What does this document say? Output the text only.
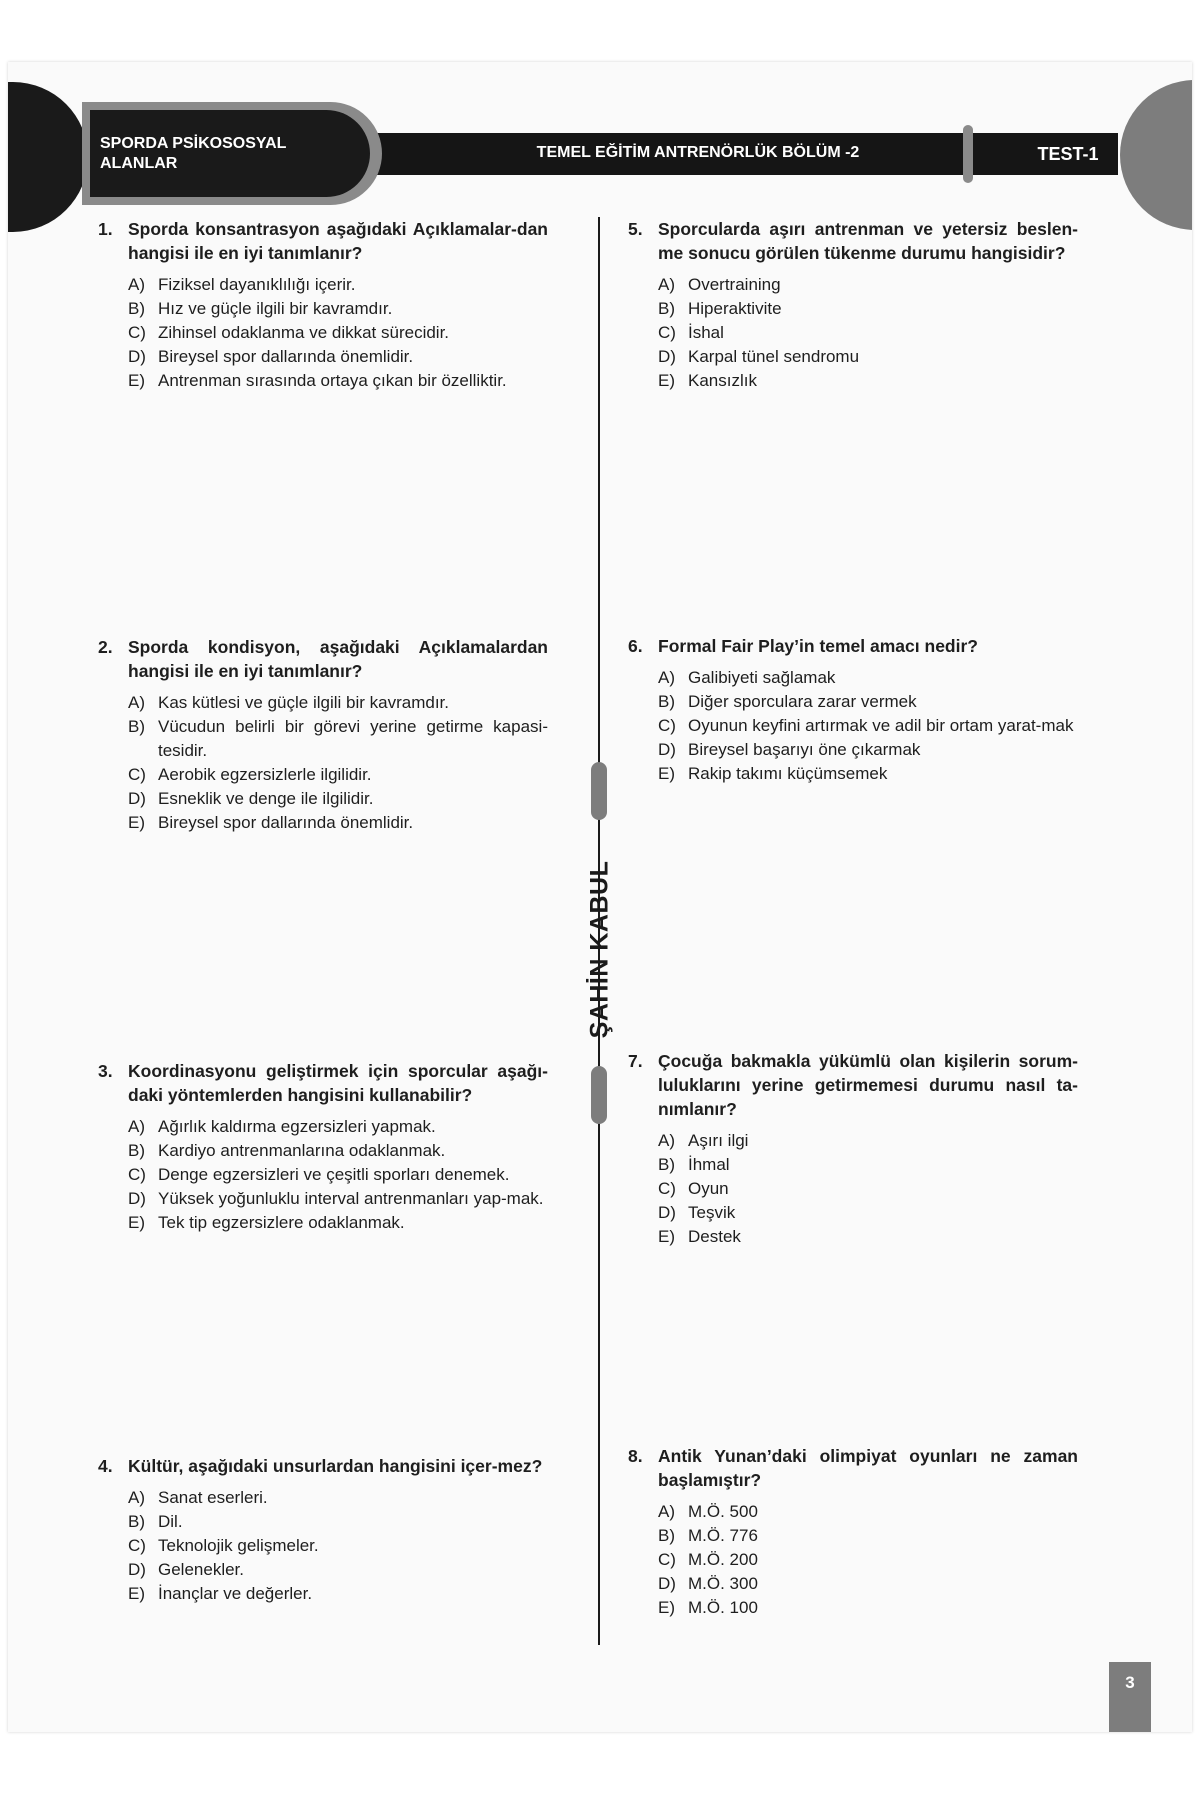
SPORDA PSİKOSOSYAL
ALANLAR
TEMEL EĞİTİM ANTRENÖRLÜK BÖLÜM -2	TEST-1
ŞAHİN KABUL
1. Sporda konsantrasyon aşağıdaki Açıklamalar-dan hangisi ile en iyi tanımlanır?
A) Fiziksel dayanıklılığı içerir.
B) Hız ve güçle ilgili bir kavramdır.
C) Zihinsel odaklanma ve dikkat sürecidir.
D) Bireysel spor dallarında önemlidir.
E) Antrenman sırasında ortaya çıkan bir özelliktir.
2. Sporda kondisyon, aşağıdaki Açıklamalardan hangisi ile en iyi tanımlanır?
A) Kas kütlesi ve güçle ilgili bir kavramdır.
B) Vücudun belirli bir görevi yerine getirme kapasi-tesidir.
C) Aerobik egzersizlerle ilgilidir.
D) Esneklik ve denge ile ilgilidir.
E) Bireysel spor dallarında önemlidir.
3. Koordinasyonu geliştirmek için sporcular aşağı-daki yöntemlerden hangisini kullanabilir?
A) Ağırlık kaldırma egzersizleri yapmak.
B) Kardiyo antrenmanlarına odaklanmak.
C) Denge egzersizleri ve çeşitli sporları denemek.
D) Yüksek yoğunluklu interval antrenmanları yap-mak.
E) Tek tip egzersizlere odaklanmak.
4. Kültür, aşağıdaki unsurlardan hangisini içer-mez?
A) Sanat eserleri.
B) Dil.
C) Teknolojik gelişmeler.
D) Gelenekler.
E) İnançlar ve değerler.
5. Sporcularda aşırı antrenman ve yetersiz beslen-me sonucu görülen tükenme durumu hangisidir?
A) Overtraining
B) Hiperaktivite
C) İshal
D) Karpal tünel sendromu
E) Kansızlık
6. Formal Fair Play’in temel amacı nedir?
A) Galibiyeti sağlamak
B) Diğer sporculara zarar vermek
C) Oyunun keyfini artırmak ve adil bir ortam yarat-mak
D) Bireysel başarıyı öne çıkarmak
E) Rakip takımı küçümsemek
7. Çocuğa bakmakla yükümlü olan kişilerin sorum-luluklarını yerine getirmemesi durumu nasıl ta-nımlanır?
A) Aşırı ilgi
B) İhmal
C) Oyun
D) Teşvik
E) Destek
8. Antik Yunan’daki olimpiyat oyunları ne zaman başlamıştır?
A) M.Ö. 500
B) M.Ö. 776
C) M.Ö. 200
D) M.Ö. 300
E) M.Ö. 100
3
